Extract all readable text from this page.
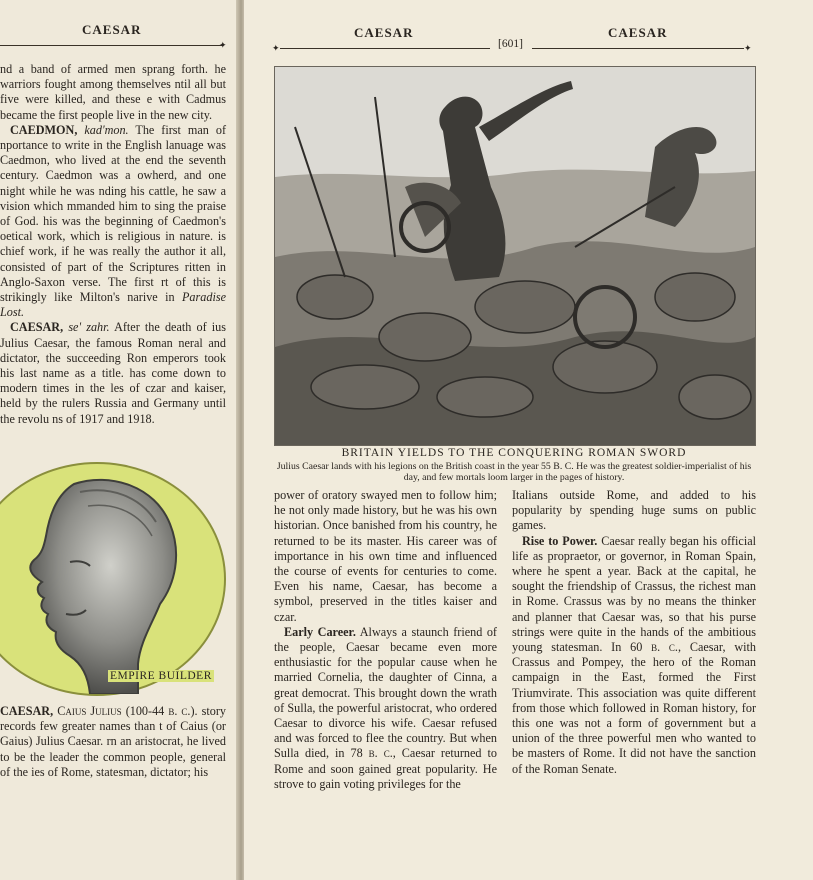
CAESAR
✦

nd a band of armed men sprang forth. he warriors fought among themselves ntil all but five were killed, and these e with Cadmus became the first people live in the new city.

CAEDMON, kad'mon. The first man of nportance to write in the English lanuage was Caedmon, who lived at the end the seventh century. Caedmon was a owherd, and one night while he was nding his cattle, he saw a vision which mmanded him to sing the praise of God. his was the beginning of Caedmon's oetical work, which is religious in nature. is chief work, if he was really the author it all, consisted of part of the Scriptures ritten in Anglo-Saxon verse. The first rt of this is strikingly like Milton's narive in Paradise Lost.

CAESAR, se' zahr. After the death of ius Julius Caesar, the famous Roman neral and dictator, the succeeding Ron emperors took his last name as a title. has come down to modern times in the les of czar and kaiser, held by the rulers Russia and Germany until the revolu ns of 1917 and 1918.

EMPIRE BUILDER

CAESAR, Caius Julius (100-44 b. c.). story records few greater names than t of Caius (or Gaius) Julius Caesar. rn an aristocrat, he lived to be the leader the common people, general of the ies of Rome, statesman, dictator; his

CAESAR	CAESAR
✦	[601]	✦
BRITAIN YIELDS TO THE CONQUERING ROMAN SWORD
Julius Caesar lands with his legions on the British coast in the year 55 B. C. He was the greatest soldier-imperialist of his day, and few mortals loom larger in the pages of history.

power of oratory swayed men to follow him; he not only made history, but he was his own historian. Once banished from his country, he returned to be its master. His career was of importance in his own time and influenced the course of events for centuries to come. Even his name, Caesar, has become a symbol, preserved in the titles kaiser and czar.

Early Career. Always a staunch friend of the people, Caesar became even more enthusiastic for the popular cause when he married Cornelia, the daughter of Cinna, a great democrat. This brought down the wrath of Sulla, the powerful aristocrat, who ordered Caesar to divorce his wife. Caesar refused and was forced to flee the country. But when Sulla died, in 78 b. c., Caesar returned to Rome and soon gained great popularity. He strove to gain voting privileges for the

Italians outside Rome, and added to his popularity by spending huge sums on public games.

Rise to Power. Caesar really began his official life as propraetor, or governor, in Roman Spain, where he spent a year. Back at the capital, he sought the friendship of Crassus, the richest man in Rome. Crassus was by no means the thinker and planner that Caesar was, so that his purse strings were quite in the hands of the ambitious young statesman. In 60 b. c., Caesar, with Crassus and Pompey, the hero of the Roman campaign in the East, formed the First Triumvirate. This association was quite different from those which followed in Roman history, for this one was not a form of government but a union of the three powerful men who wanted to be masters of Rome. It did not have the sanction of the Roman Senate.
